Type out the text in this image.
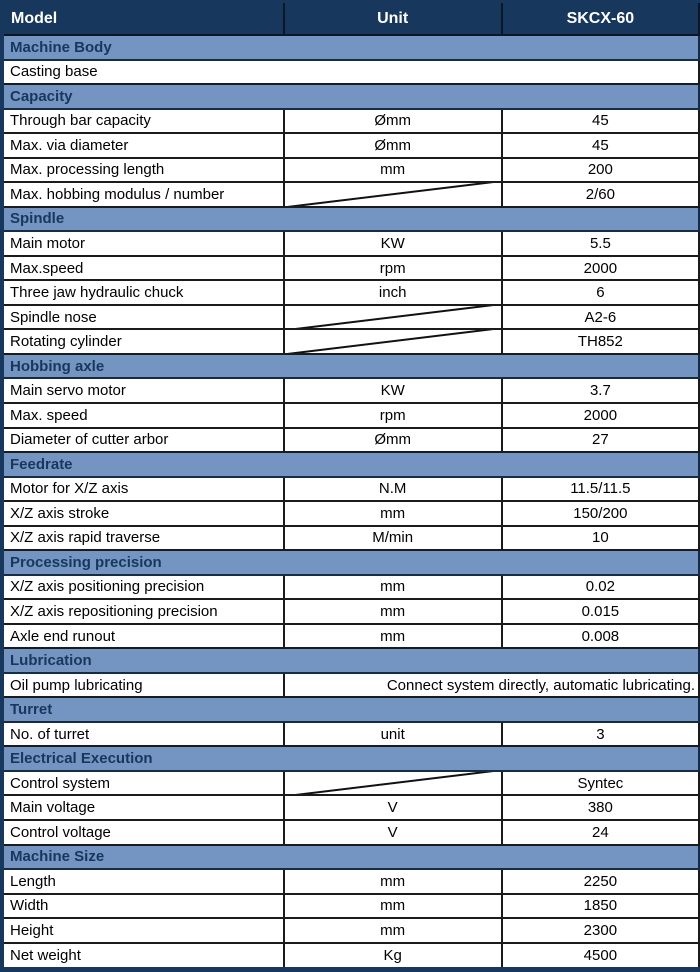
Model	Unit	SKCX-60
Machine Body		
Casting base		
Capacity		
Through bar capacity	Ømm	45
Max. via diameter	Ømm	45
Max. processing length	mm	200
Max. hobbing modulus / number		2/60
Spindle		
Main motor	KW	5.5
Max.speed	rpm	2000
Three jaw hydraulic chuck	inch	6
Spindle nose		A2-6
Rotating cylinder		TH852
Hobbing axle		
Main servo motor	KW	3.7
Max. speed	rpm	2000
Diameter of cutter arbor	Ømm	27
Feedrate		
Motor for X/Z axis	N.M	11.5/11.5
X/Z axis stroke	mm	150/200
X/Z axis rapid traverse	M/min	10
Processing precision		
X/Z axis positioning precision	mm	0.02
X/Z axis repositioning precision	mm	0.015
Axle end runout	mm	0.008
Lubrication		
Oil pump lubricating	Connect system directly, automatic lubricating.	
Turret		
No. of turret	unit	3
Electrical Execution		
Control system		Syntec
Main voltage	V	380
Control voltage	V	24
Machine Size		
Length	mm	2250
Width	mm	1850
Height	mm	2300
Net weight	Kg	4500
